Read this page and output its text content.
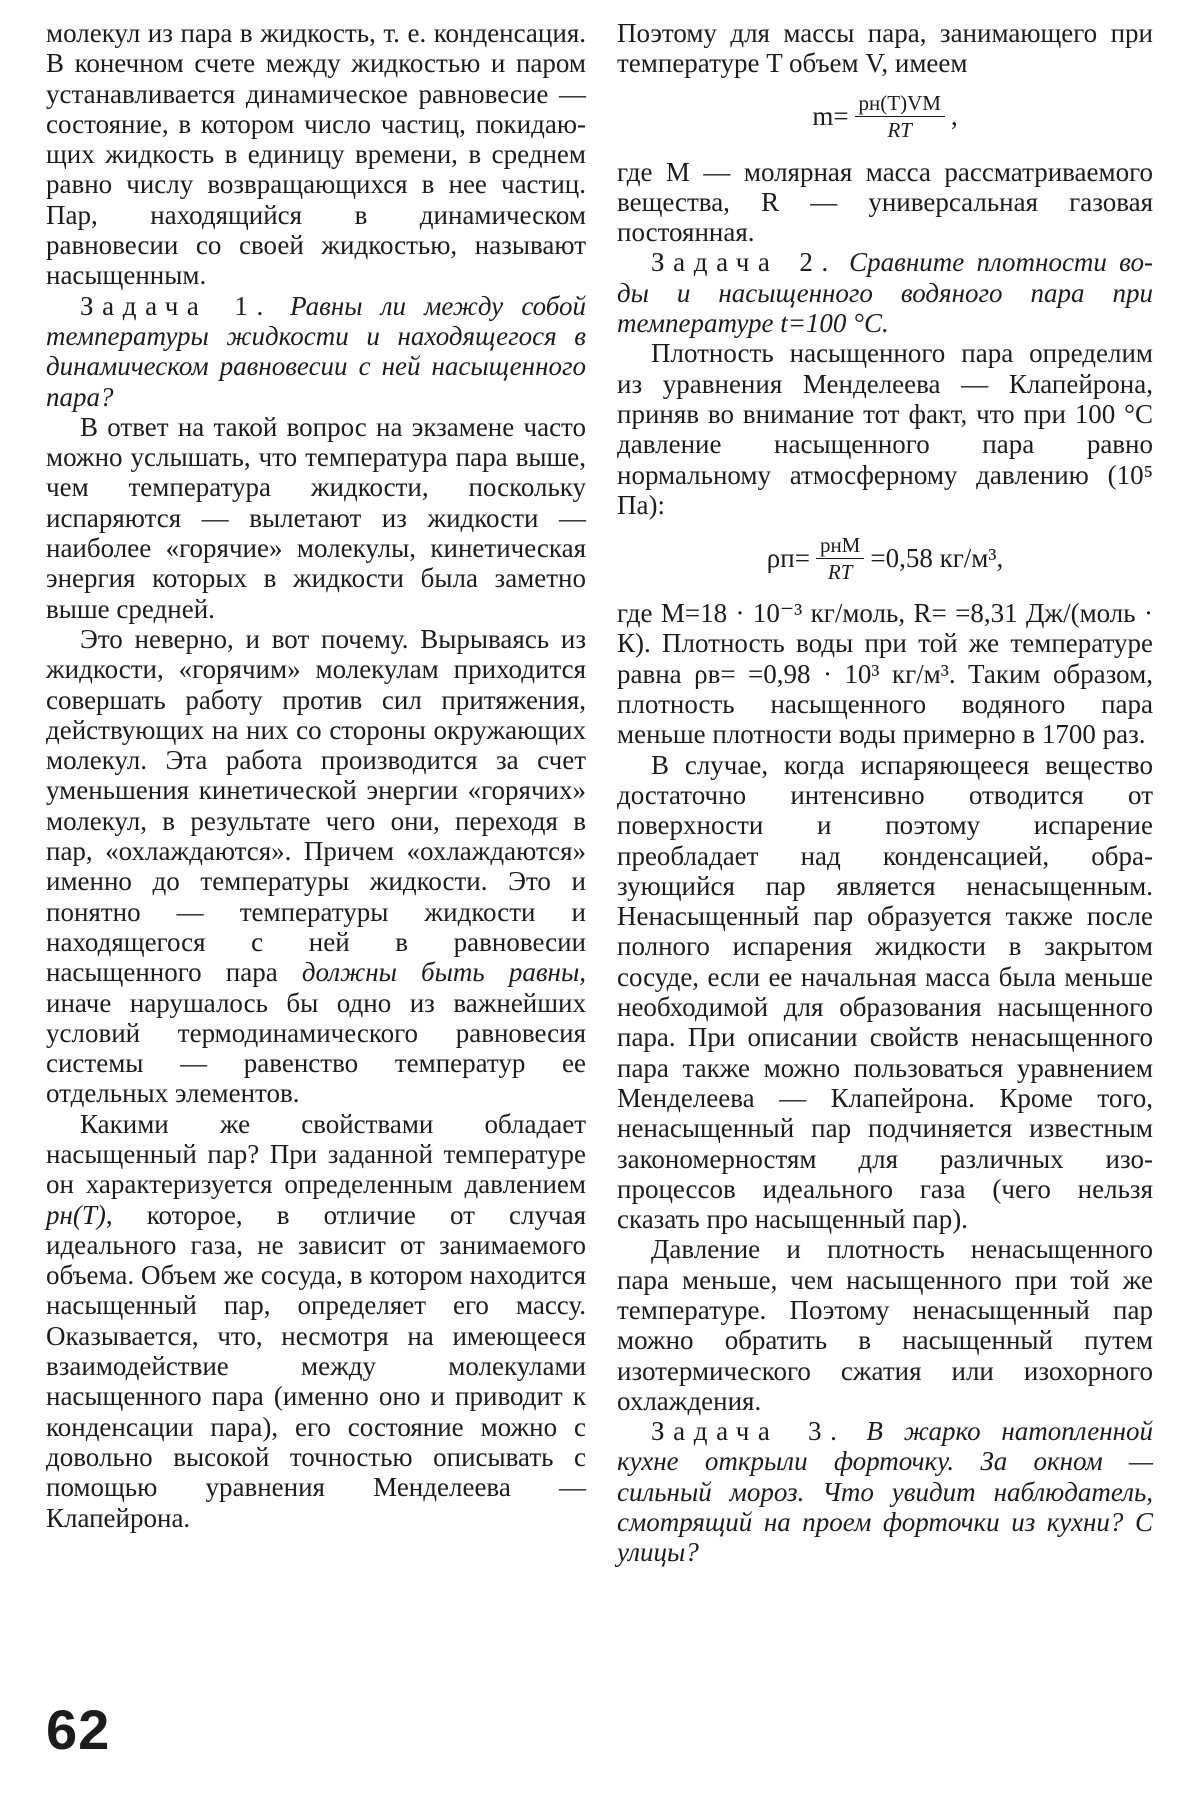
молекул из пара в жидкость, т. е. конденсация. В конечном счете между жидкостью и паром устанавливается динамическое равновесие — состояние, в котором число частиц, покидающих жидкость в единицу времени, в среднем равно числу возвращающихся в нее частиц. Пар, находящийся в динамическом равновесии со своей жидкостью, называют насыщенным.

Задача 1. Равны ли между собой температуры жидкости и находящегося в динамическом равновесии с ней насыщенного пара?

В ответ на такой вопрос на экзамене часто можно услышать, что температура пара выше, чем температура жидкости, поскольку испаряются — вылетают из жидкости — наиболее «горячие» молекулы, кинетическая энергия которых в жидкости была заметно выше средней.

Это неверно, и вот почему. Вырываясь из жидкости, «горячим» молекулам приходится совершать работу против сил притяжения, действующих на них со стороны окружающих молекул. Эта работа производится за счет уменьшения кинетической энергии «горячих» молекул, в результате чего они, переходя в пар, «охлаждаются». Причем «охлаждаются» именно до температуры жидкости. Это и понятно — температуры жидкости и находящегося с ней в равновесии насыщенного пара должны быть равны, иначе нарушалось бы одно из важнейших условий термодинамического равновесия системы — равенство температур ее отдельных элементов.

Какими же свойствами обладает насыщенный пар? При заданной температуре он характеризуется определенным давлением pн(T), которое, в отличие от случая идеального газа, не зависит от занимаемого объема. Объем же сосуда, в котором находится насыщенный пар, определяет его массу. Оказывается, что, несмотря на имеющееся взаимодействие между молекулами насыщенного пара (именно оно и приводит к конденсации пара), его состояние можно с довольно высокой точностью описывать с помощью уравнения Менделеева — Клапейрона.

Поэтому для массы пара, занимающего при температуре T объем V, имеем

$m= \frac{pн(T)VM}{RT}$ ,

где M — молярная масса рассматриваемого вещества, R — универсальная газовая постоянная.

Задача 2. Сравните плотности воды и насыщенного водяного пара при температуре t=100 °С.

Плотность насыщенного пара определим из уравнения Менделеева — Клапейрона, приняв во внимание тот факт, что при 100 °С давление насыщенного пара равно нормальному атмосферному давлению (10⁵ Па):

$\rho п= \frac{\text{pнM}}{RT} =0,58$ кг/м³,

где M=18 · 10⁻³ кг/моль, R= =8,31 Дж/(моль · К). Плотность воды при той же температуре равна ρв= =0,98 · 10³ кг/м³. Таким образом, плотность насыщенного водяного пара меньше плотности воды примерно в 1700 раз.

В случае, когда испаряющееся вещество достаточно интенсивно отводится от поверхности и поэтому испарение преобладает над конденсацией, образующийся пар является ненасыщенным. Ненасыщенный пар образуется также после полного испарения жидкости в закрытом сосуде, если ее начальная масса была меньше необходимой для образования насыщенного пара. При описании свойств ненасыщенного пара также можно пользоваться уравнением Менделеева — Клапейрона. Кроме того, ненасыщенный пар подчиняется известным закономерностям для различных изопроцессов идеального газа (чего нельзя сказать про насыщенный пар).

Давление и плотность ненасыщенного пара меньше, чем насыщенного при той же температуре. Поэтому ненасыщенный пар можно обратить в насыщенный путем изотермического сжатия или изохорного охлаждения.

Задача 3. В жарко натопленной кухне открыли форточку. За окном — сильный мороз. Что увидит наблюдатель, смотрящий на проем форточки из кухни? С улицы?

62
